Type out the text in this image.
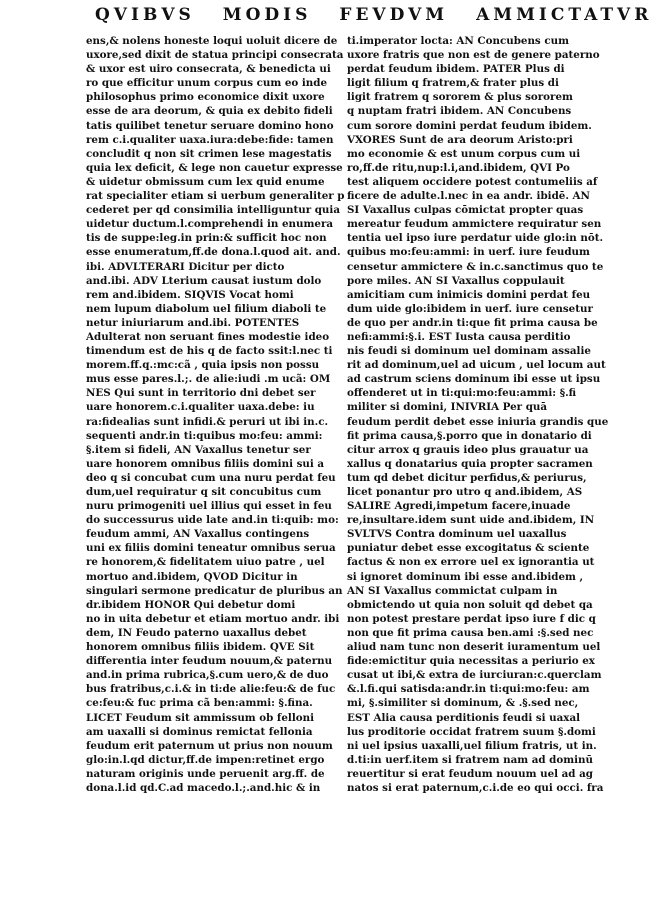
QVIBVS MODIS FEVDVM AMMICTATVR
ens,& nolens honeste loqui uoluit dicere de
uxore,sed dixit de statua principi consecrata
& uxor est uiro consecrata, & benedicta ui
ro que efficitur unum corpus cum eo inde
philosophus primo economice dixit uxore
esse de ara deorum, & quia ex debito fideli
tatis quilibet tenetur seruare domino hono
rem c.i.qualiter uaxa.iura:debe:fide: tamen
concludit q non sit crimen lese magestatis
quia lex deficit, & lege non cauetur expresse
& uidetur obmissum cum lex quid enume
rat specialiter etiam si uerbum generaliter p
cederet per qd consimilia intelliguntur quia
uidetur ductum.l.comprehendi in enumera
tis de suppe:leg.in prin:& sufficit hoc non
esse enumeratum,ff.de dona.l.quod ait. and.
ibi. ADVLTERARI Dicitur per dicto
and.ibi. ADV Lterium causat iustum dolo
rem and.ibidem. SIQVIS Vocat homi
nem lupum diabolum uel filium diaboli te
netur iniuriarum and.ibi. POTENTES
Adulterat non seruant fines modestie ideo
timendum est de his q de facto ssit:l.nec ti
morem.ff.q.:mc:cã , quia ipsis non possu
mus esse pares.l.;. de alie:iudi .m ucã: OM
NES Qui sunt in territorio dni debet ser
uare honorem.c.i.qualiter uaxa.debe: iu
ra:fidealias sunt infidi.& peruri ut ibi in.c.
sequenti andr.in ti:quibus mo:feu: ammi:
§.item si fideli, AN Vaxallus tenetur ser
uare honorem omnibus filiis domini sui a
deo q si concubat cum una nuru perdat feu
dum,uel requiratur q sit concubitus cum
nuru primogeniti uel illius qui esset in feu
do successurus uide late and.in ti:quib: mo:
feudum ammi, AN Vaxallus contingens
uni ex filiis domini teneatur omnibus serua
re honorem,& fidelitatem uiuo patre , uel
mortuo and.ibidem, QVOD Dicitur in
singulari sermone predicatur de pluribus an
dr.ibidem HONOR Qui debetur domi
no in uita debetur et etiam mortuo andr. ibi
dem, IN Feudo paterno uaxallus debet
honorem omnibus filiis ibidem. QVE Sit
differentia inter feudum nouum,& paternu
and.in prima rubrica,§.cum uero,& de duo
bus fratribus,c.i.& in ti:de alie:feu:& de fuc
ce:feu:& fuc prima cã ben:ammi: §.fina.
LICET Feudum sit ammissum ob felloni
am uaxalli si dominus remictat fellonia
feudum erit paternum ut prius non nouum
glo:in.l.qd dictur,ff.de impen:retinet ergo
naturam originis unde peruenit arg.ff. de
dona.l.id qd.C.ad macedo.l.;.and.hic & in
ti.imperator locta: AN Concubens cum
uxore fratris que non est de genere paterno
perdat feudum ibidem. PATER Plus di
ligit filium q fratrem,& frater plus di
ligit fratrem q sororem & plus sororem
q nuptam fratri ibidem. AN Concubens
cum sorore domini perdat feudum ibidem.
VXORES Sunt de ara deorum Aristo:pri
mo economie & est unum corpus cum ui
ro,ff.de ritu,nup:l.i,and.ibidem, QVI Po
test aliquem occidere potest contumeliis af
ficere de adulte.l.nec in ea andr. ibidē. AN
SI Vaxallus culpas cōmictat propter quas
mereatur feudum ammictere requiratur sen
tentia uel ipso iure perdatur uide glo:in nōt.
quibus mo:feu:ammi: in uerf. iure feudum
censetur ammictere & in.c.sanctimus quo te
pore miles. AN SI Vaxallus coppulauit
amicitiam cum inimicis domini perdat feu
dum uide glo:ibidem in uerf. iure censetur
de quo per andr.in ti:que fit prima causa be
nefi:ammi:§.i. EST Iusta causa perditio
nis feudi si dominum uel dominam assalie
rit ad dominum,uel ad uicum , uel locum aut
ad castrum sciens dominum ibi esse ut ipsu
offenderet ut in ti:qui:mo:feu:ammi: §.fi
militer si domini, INIVRIA Per quā
feudum perdit debet esse iniuria grandis que
fit prima causa,§.porro que in donatario di
citur arrox q grauis ideo plus grauatur ua
xallus q donatarius quia propter sacramen
tum qd debet dicitur perfidus,& periurus,
licet ponantur pro utro q and.ibidem, AS
SALIRE Agredi,impetum facere,inuade
re,insultare.idem sunt uide and.ibidem, IN
SVLTVS Contra dominum uel uaxallus
puniatur debet esse excogitatus & sciente
factus & non ex errore uel ex ignorantia ut
si ignoret dominum ibi esse and.ibidem ,
AN SI Vaxallus commictat culpam in
obmictendo ut quia non soluit qd debet qa
non potest prestare perdat ipso iure f dic q
non que fit prima causa ben.ami :§.sed nec
aliud nam tunc non deserit iuramentum uel
fide:emictitur quia necessitas a periurio ex
cusat ut ibi,& extra de iurciuran:c.querclam
&.l.fi.qui satisda:andr.in ti:qui:mo:feu: am
mi, §.similiter si dominum, & .§.sed nec,
EST Alia causa perditionis feudi si uaxal
lus proditorie occidat fratrem suum §.domi
ni uel ipsius uaxalli,uel filium fratris, ut in.
d.ti:in uerf.item si fratrem nam ad dominū
reuertitur si erat feudum nouum uel ad ag
natos si erat paternum,c.i.de eo qui occi. fra
